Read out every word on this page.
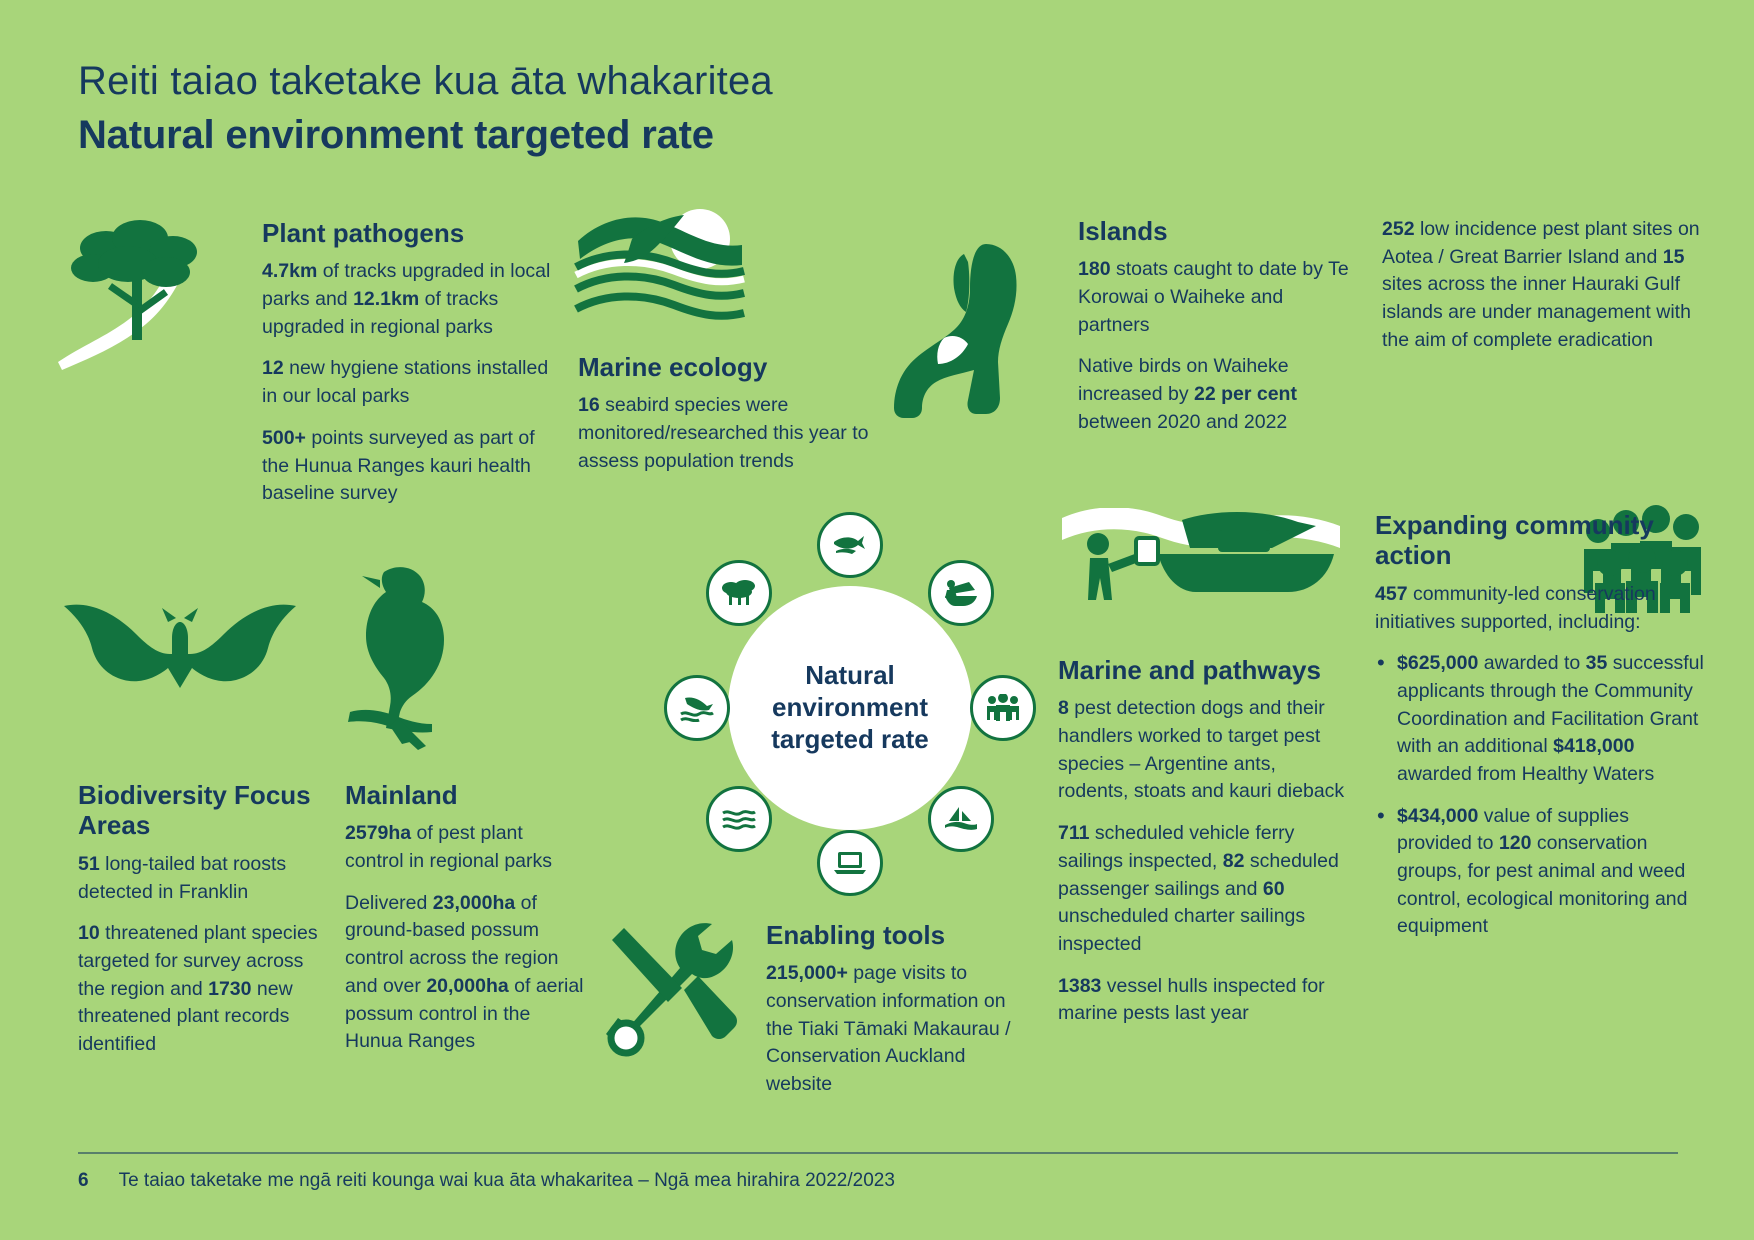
Reiti taiao taketake kua āta whakaritea
Natural environment targeted rate
Natural environment targeted rate
Plant pathogens

4.7km of tracks upgraded in local parks and 12.1km of tracks upgraded in regional parks

12 new hygiene stations installed in our local parks

500+ points surveyed as part of the Hunua Ranges kauri health baseline survey

Marine ecology

16 seabird species were monitored/researched this year to assess population trends

Islands

180 stoats caught to date by Te Korowai o Waiheke and partners

Native birds on Waiheke increased by 22 per cent between 2020 and 2022

252 low incidence pest plant sites on Aotea / Great Barrier Island and 15 sites across the inner Hauraki Gulf islands are under management with the aim of complete eradication

Biodiversity Focus Areas

51 long-tailed bat roosts detected in Franklin

10 threatened plant species targeted for survey across the region and 1730 new threatened plant records identified

Mainland

2579ha of pest plant control in regional parks

Delivered 23,000ha of ground-based possum control across the region and over 20,000ha of aerial possum control in the Hunua Ranges

Enabling tools

215,000+ page visits to conservation information on the Tiaki Tāmaki Makaurau / Conservation Auckland website

Marine and pathways

8 pest detection dogs and their handlers worked to target pest species – Argentine ants, rodents, stoats and kauri dieback

711 scheduled vehicle ferry sailings inspected, 82 scheduled passenger sailings and 60 unscheduled charter sailings inspected

1383 vessel hulls inspected for marine pests last year

Expanding community action

457 community-led conservation initiatives supported, including:

• $625,000 awarded to 35 successful applicants through the Community Coordination and Facilitation Grant with an additional $418,000 awarded from Healthy Waters
• $434,000 value of supplies provided to 120 conservation groups, for pest animal and weed control, ecological monitoring and equipment
6 Te taiao taketake me ngā reiti kounga wai kua āta whakaritea – Ngā mea hirahira 2022/2023
